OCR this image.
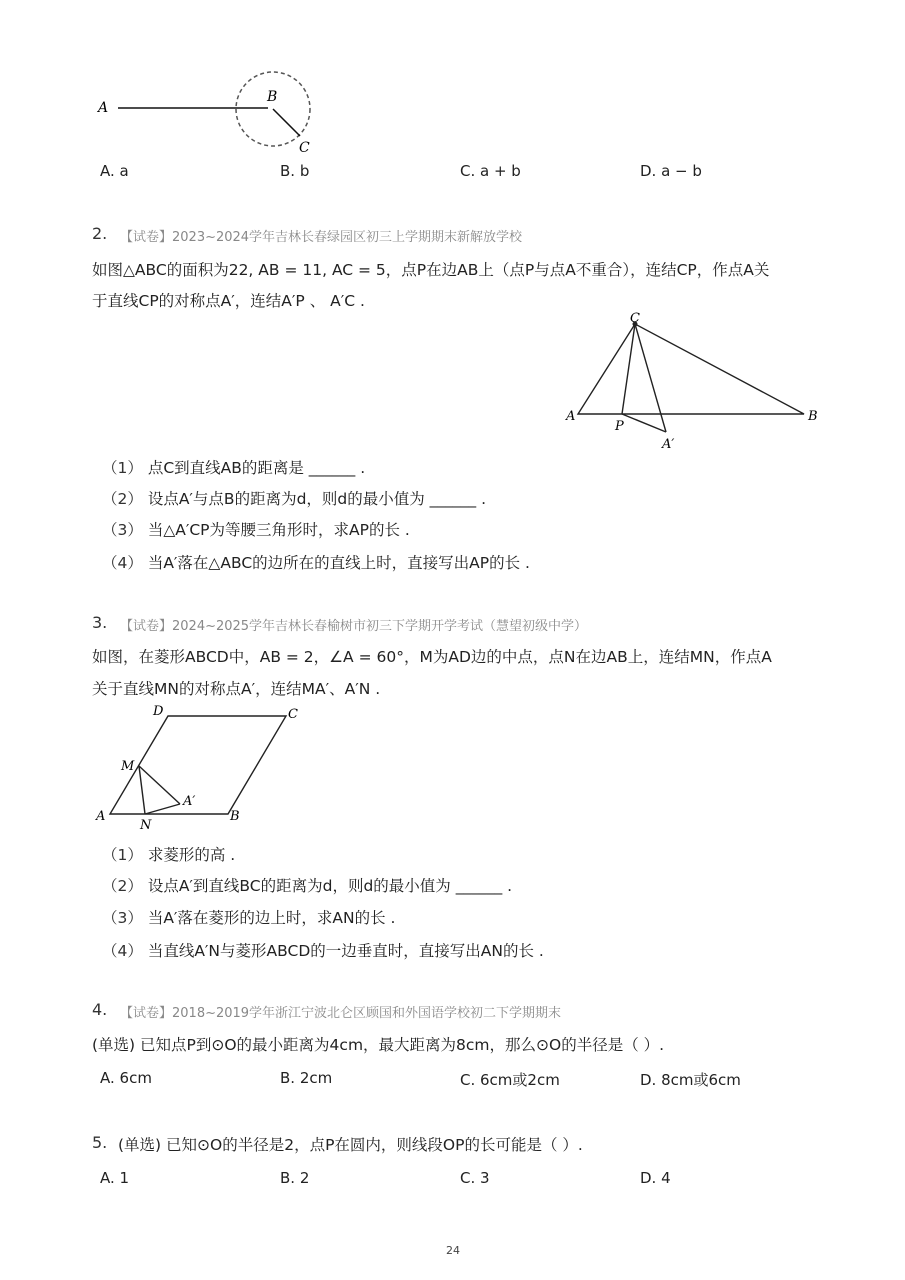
A
B
C
A. a	B. b	C. a + b	D. a − b
2. 【试卷】2023~2024学年吉林长春绿园区初三上学期期末新解放学校
如图△ABC的面积为22, AB = 11, AC = 5，点P在边AB上（点P与点A不重合），连结CP，作点A关
于直线CP的对称点A′，连结A′P 、 A′C .
A	B
C
P
A′
（1） 点C到直线AB的距离是 ______ .
（2） 设点A′与点B的距离为d，则d的最小值为 ______ .
（3） 当△A′CP为等腰三角形时，求AP的长 .
（4） 当A′落在△ABC的边所在的直线上时，直接写出AP的长 .
3. 【试卷】2024~2025学年吉林长春榆树市初三下学期开学考试（慧望初级中学）
如图，在菱形ABCD中，AB = 2，∠A = 60°，M为AD边的中点，点N在边AB上，连结MN，作点A
关于直线MN的对称点A′，连结MA′、A′N .
A	B
C
D
M
N
A′
（1） 求菱形的高 .
（2） 设点A′到直线BC的距离为d，则d的最小值为 ______ .
（3） 当A′落在菱形的边上时，求AN的长 .
（4） 当直线A′N与菱形ABCD的一边垂直时，直接写出AN的长 .
4. 【试卷】2018~2019学年浙江宁波北仑区顾国和外国语学校初二下学期期末
(单选) 已知点P到⊙O的最小距离为4cm，最大距离为8cm，那么⊙O的半径是（ ）.
A. 6cm	B. 2cm	C. 6cm或2cm	D. 8cm或6cm
5. (单选) 已知⊙O的半径是2，点P在圆内，则线段OP的长可能是（ ）.
A. 1	B. 2	C. 3	D. 4
24
